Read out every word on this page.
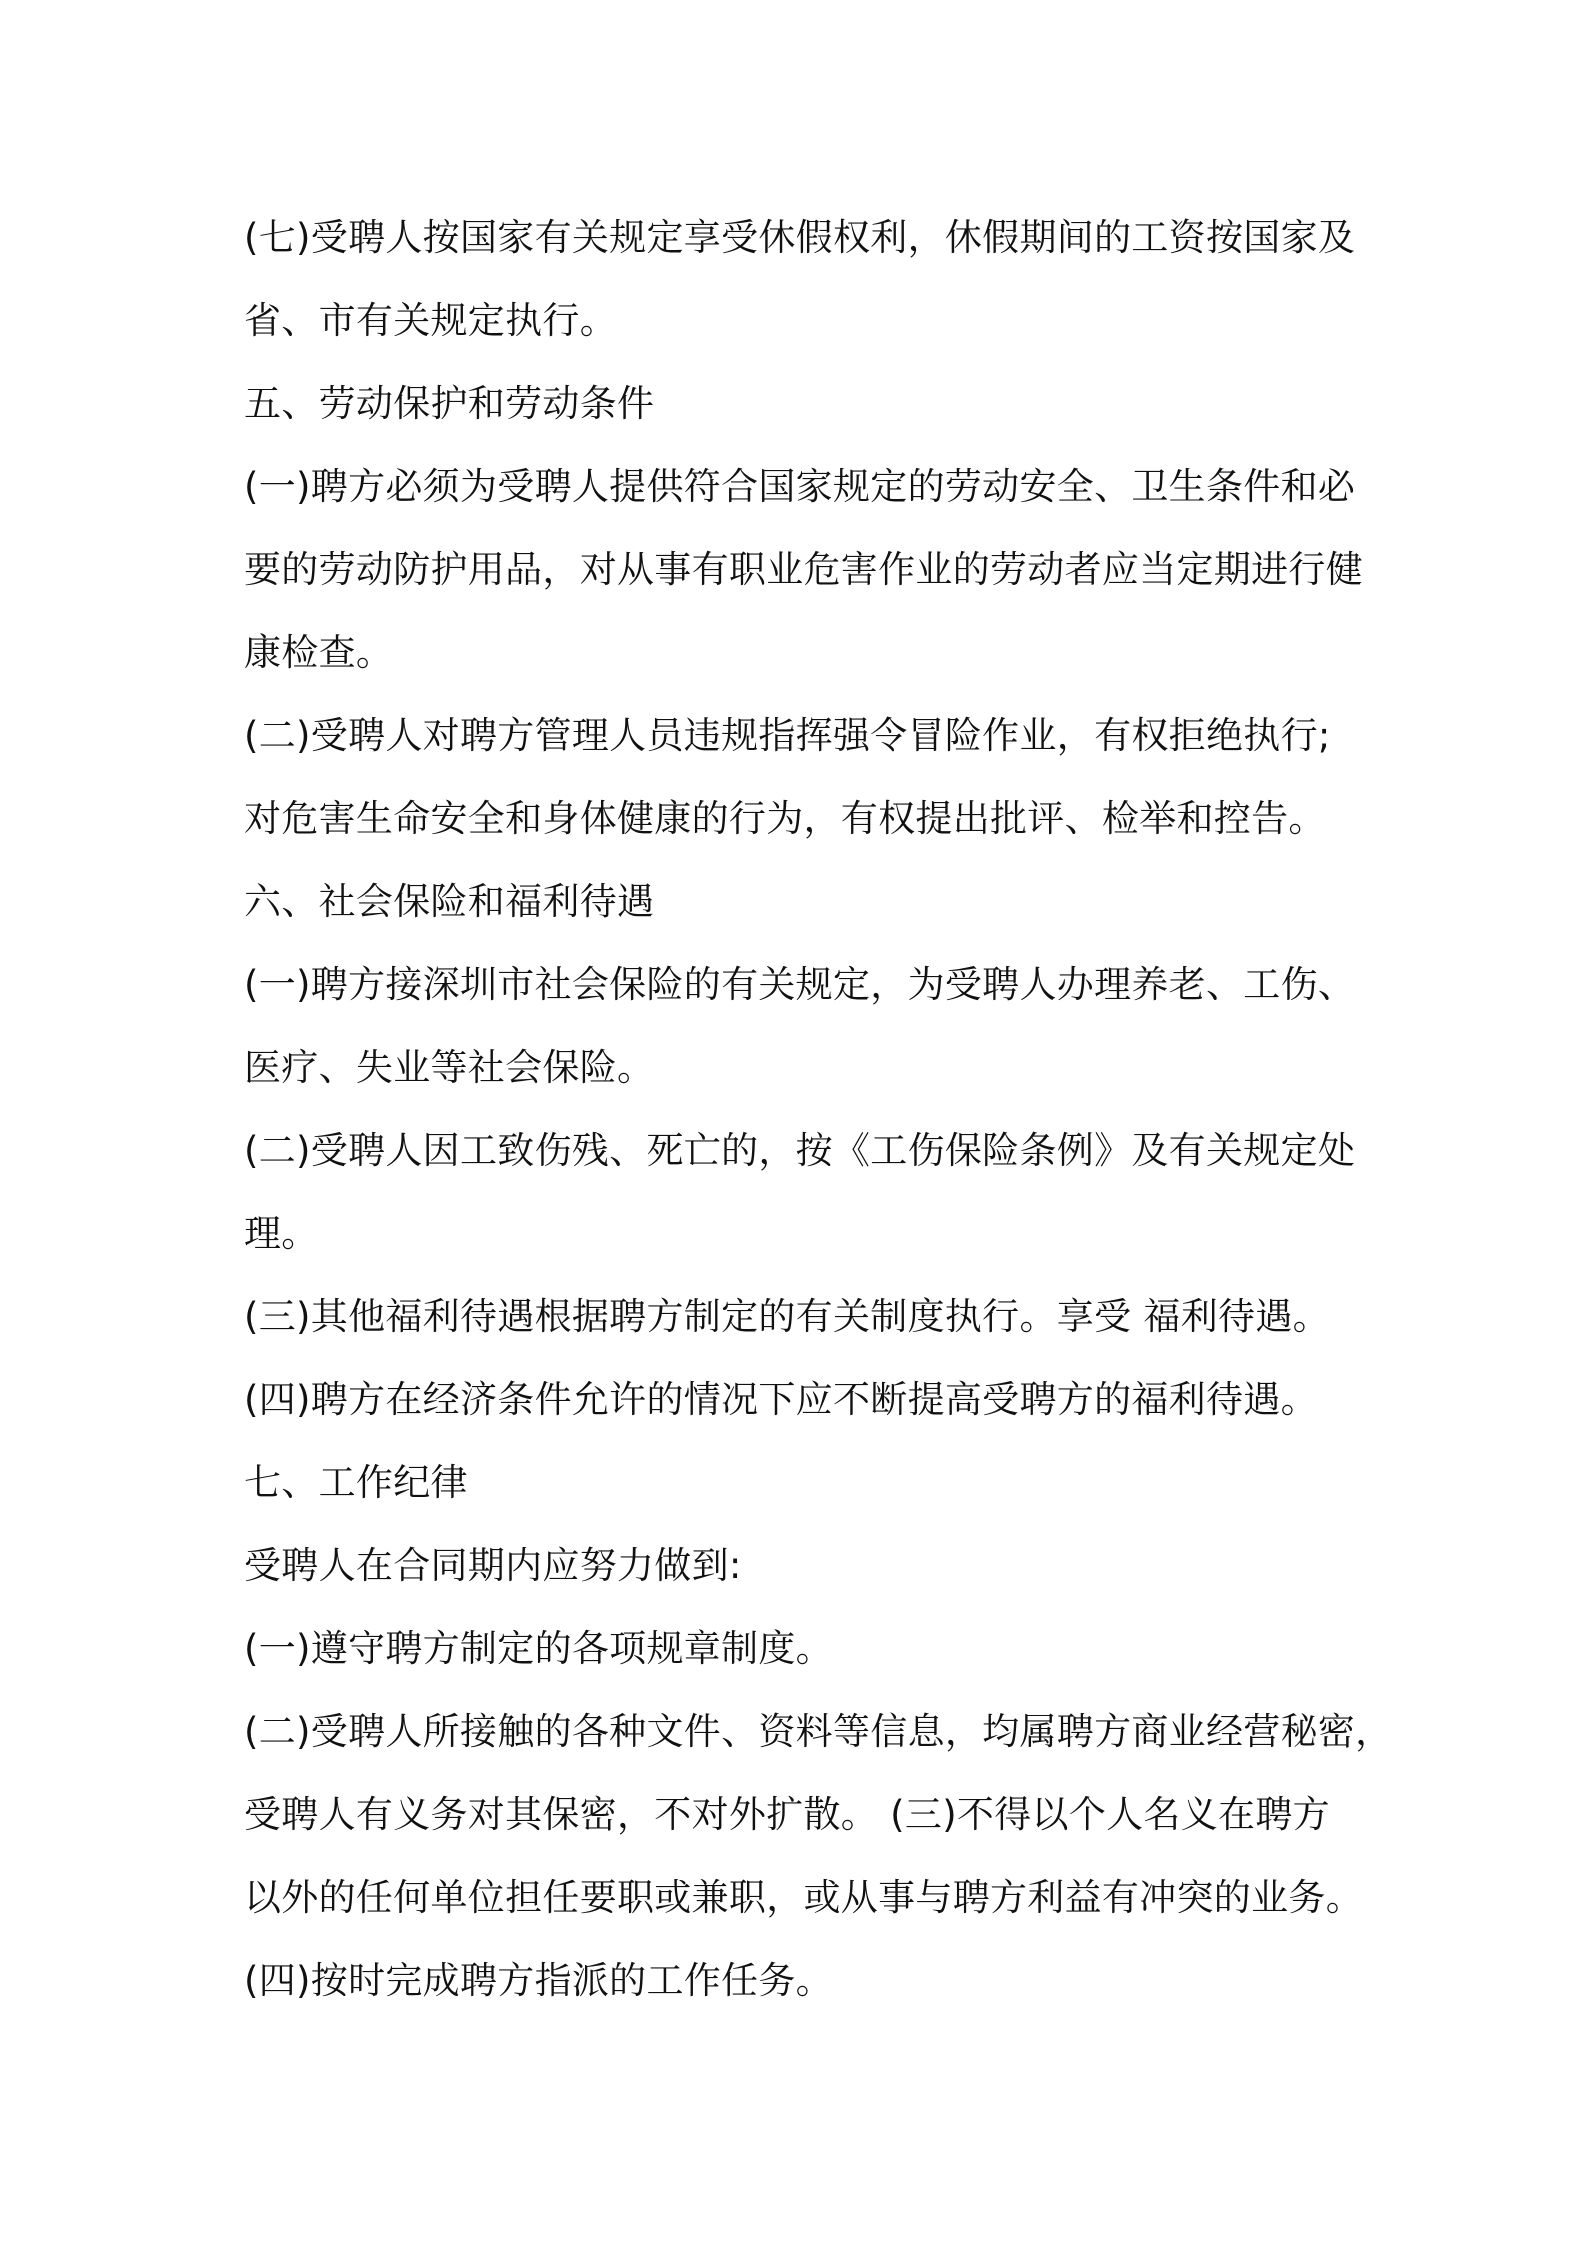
(七)受聘人按国家有关规定享受休假权利，休假期间的工资按国家及
省、市有关规定执行。
五、劳动保护和劳动条件
(一)聘方必须为受聘人提供符合国家规定的劳动安全、卫生条件和必
要的劳动防护用品，对从事有职业危害作业的劳动者应当定期进行健
康检查。
(二)受聘人对聘方管理人员违规指挥强令冒险作业，有权拒绝执行;
对危害生命安全和身体健康的行为，有权提出批评、检举和控告。
六、社会保险和福利待遇
(一)聘方接深圳市社会保险的有关规定，为受聘人办理养老、工伤、
医疗、失业等社会保险。
(二)受聘人因工致伤残、死亡的，按《工伤保险条例》及有关规定处
理。
(三)其他福利待遇根据聘方制定的有关制度执行。享受 福利待遇。
(四)聘方在经济条件允许的情况下应不断提高受聘方的福利待遇。
七、工作纪律
受聘人在合同期内应努力做到:
(一)遵守聘方制定的各项规章制度。
(二)受聘人所接触的各种文件、资料等信息，均属聘方商业经营秘密，
受聘人有义务对其保密，不对外扩散。 (三)不得以个人名义在聘方
以外的任何单位担任要职或兼职，或从事与聘方利益有冲突的业务。
(四)按时完成聘方指派的工作任务。
